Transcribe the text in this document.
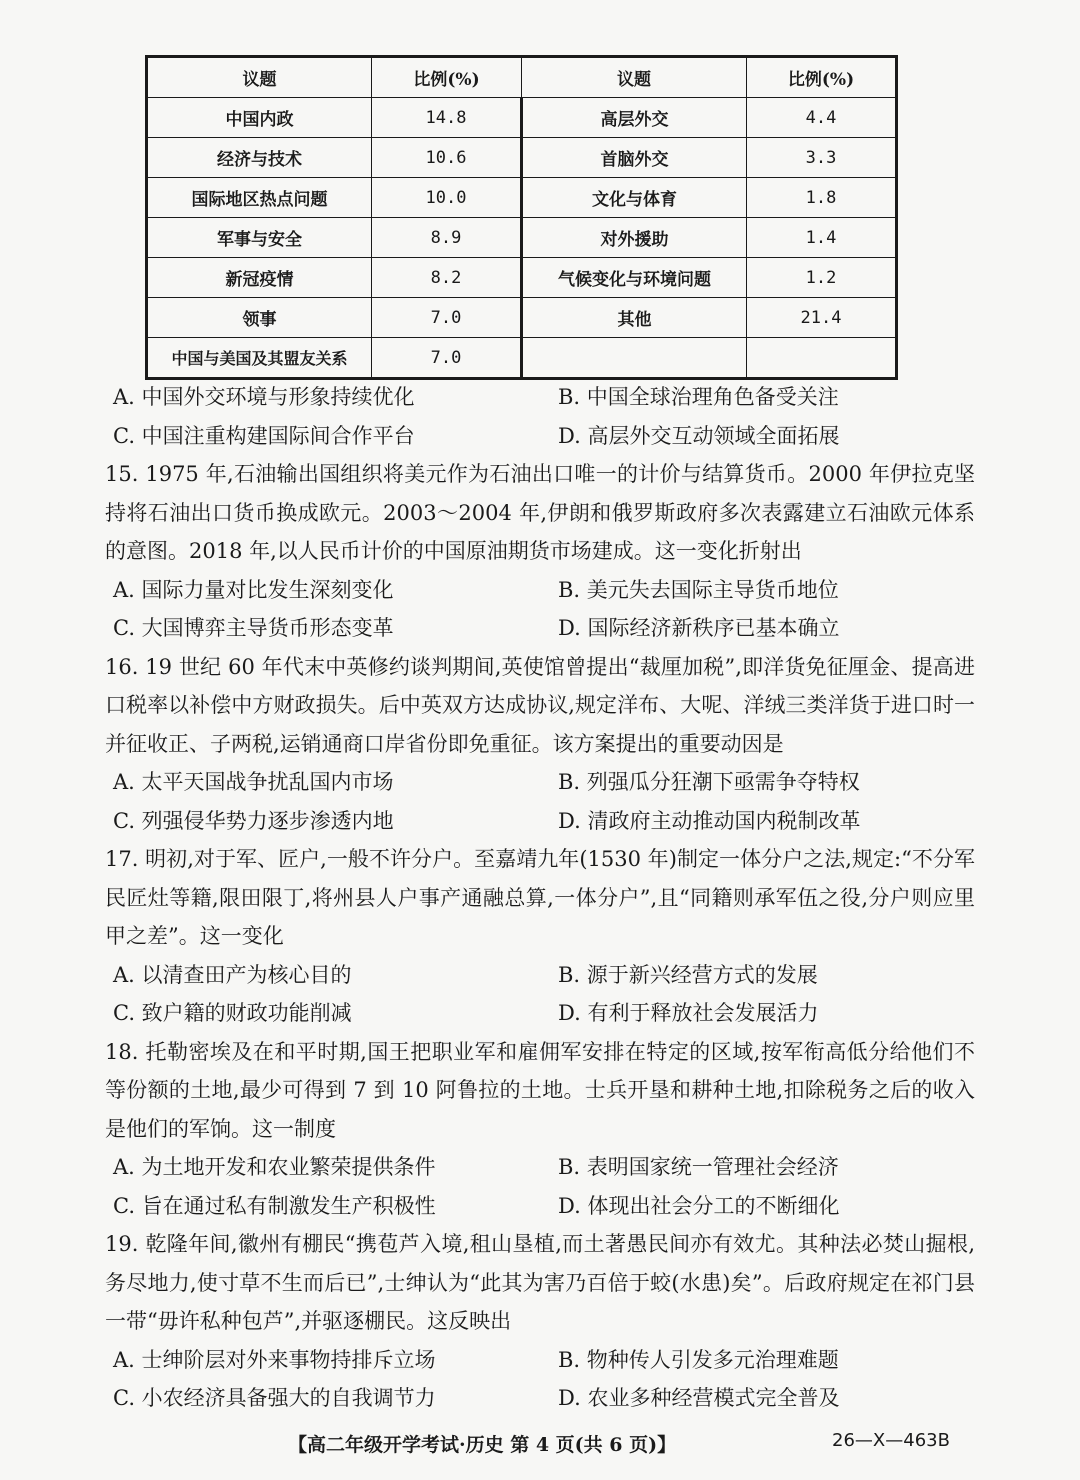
议题	比例(%)	议题	比例(%)
中国内政	14.8	高层外交	4.4
经济与技术	10.6	首脑外交	3.3
国际地区热点问题	10.0	文化与体育	1.8
军事与安全	8.9	对外援助	1.4
新冠疫情	8.2	气候变化与环境问题	1.2
领事	7.0	其他	21.4
中国与美国及其盟友关系	7.0		
A. 中国外交环境与形象持续优化	B. 中国全球治理角色备受关注
C. 中国注重构建国际间合作平台	D. 高层外交互动领域全面拓展

15. 1975 年,石油输出国组织将美元作为石油出口唯一的计价与结算货币。2000 年伊拉克坚持将石油出口货币换成欧元。2003～2004 年,伊朗和俄罗斯政府多次表露建立石油欧元体系的意图。2018 年,以人民币计价的中国原油期货市场建成。这一变化折射出

A. 国际力量对比发生深刻变化	B. 美元失去国际主导货币地位
C. 大国博弈主导货币形态变革	D. 国际经济新秩序已基本确立

16. 19 世纪 60 年代末中英修约谈判期间,英使馆曾提出“裁厘加税”,即洋货免征厘金、提高进口税率以补偿中方财政损失。后中英双方达成协议,规定洋布、大呢、洋绒三类洋货于进口时一并征收正、子两税,运销通商口岸省份即免重征。该方案提出的重要动因是

A. 太平天国战争扰乱国内市场	B. 列强瓜分狂潮下亟需争夺特权
C. 列强侵华势力逐步渗透内地	D. 清政府主动推动国内税制改革

17. 明初,对于军、匠户,一般不许分户。至嘉靖九年(1530 年)制定一体分户之法,规定:“不分军民匠灶等籍,限田限丁,将州县人户事产通融总算,一体分户”,且“同籍则承军伍之役,分户则应里甲之差”。这一变化

A. 以清查田产为核心目的	B. 源于新兴经营方式的发展
C. 致户籍的财政功能削减	D. 有利于释放社会发展活力

18. 托勒密埃及在和平时期,国王把职业军和雇佣军安排在特定的区域,按军衔高低分给他们不等份额的土地,最少可得到 7 到 10 阿鲁拉的土地。士兵开垦和耕种土地,扣除税务之后的收入是他们的军饷。这一制度

A. 为土地开发和农业繁荣提供条件	B. 表明国家统一管理社会经济
C. 旨在通过私有制激发生产积极性	D. 体现出社会分工的不断细化

19. 乾隆年间,徽州有棚民“携苞芦入境,租山垦植,而土著愚民间亦有效尤。其种法必焚山掘根,务尽地力,使寸草不生而后已”,士绅认为“此其为害乃百倍于蛟(水患)矣”。后政府规定在祁门县一带“毋许私种包芦”,并驱逐棚民。这反映出

A. 士绅阶层对外来事物持排斥立场	B. 物种传人引发多元治理难题
C. 小农经济具备强大的自我调节力	D. 农业多种经营模式完全普及
【高二年级开学考试·历史 第 4 页(共 6 页)】	26—X—463B
